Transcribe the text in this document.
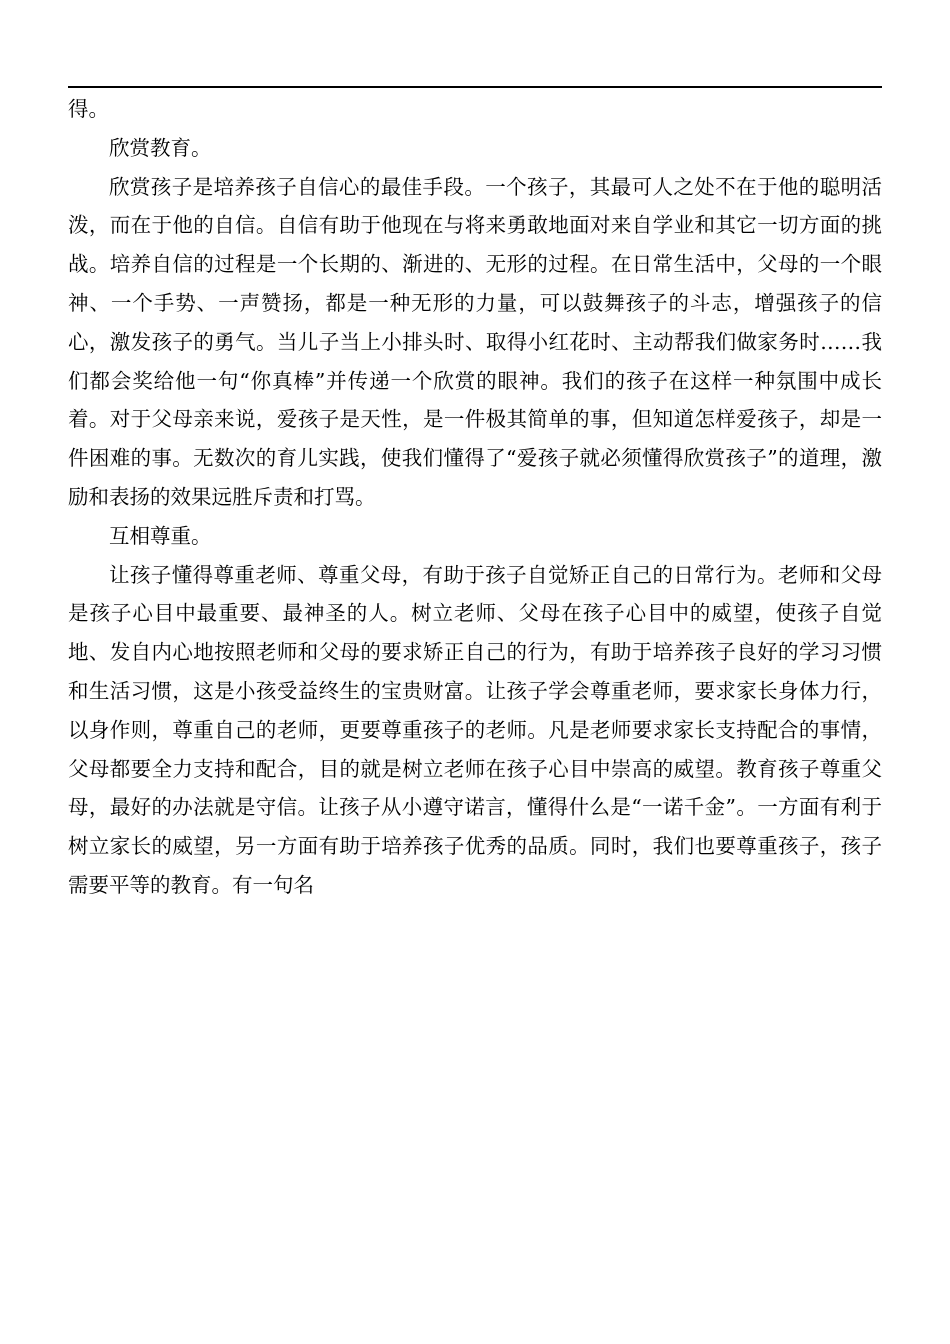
得。

欣赏教育。

欣赏孩子是培养孩子自信心的最佳手段。一个孩子，其最可人之处不在于他的聪明活泼，而在于他的自信。自信有助于他现在与将来勇敢地面对来自学业和其它一切方面的挑战。培养自信的过程是一个长期的、渐进的、无形的过程。在日常生活中，父母的一个眼神、一个手势、一声赞扬，都是一种无形的力量，可以鼓舞孩子的斗志，增强孩子的信心，激发孩子的勇气。当儿子当上小排头时、取得小红花时、主动帮我们做家务时……我们都会奖给他一句“你真棒”并传递一个欣赏的眼神。我们的孩子在这样一种氛围中成长着。对于父母亲来说，爱孩子是天性，是一件极其简单的事，但知道怎样爱孩子，却是一件困难的事。无数次的育儿实践，使我们懂得了“爱孩子就必须懂得欣赏孩子”的道理，激励和表扬的效果远胜斥责和打骂。

互相尊重。

让孩子懂得尊重老师、尊重父母，有助于孩子自觉矫正自己的日常行为。老师和父母是孩子心目中最重要、最神圣的人。树立老师、父母在孩子心目中的威望，使孩子自觉地、发自内心地按照老师和父母的要求矫正自己的行为，有助于培养孩子良好的学习习惯和生活习惯，这是小孩受益终生的宝贵财富。让孩子学会尊重老师，要求家长身体力行，以身作则，尊重自己的老师，更要尊重孩子的老师。凡是老师要求家长支持配合的事情，父母都要全力支持和配合，目的就是树立老师在孩子心目中崇高的威望。教育孩子尊重父母，最好的办法就是守信。让孩子从小遵守诺言，懂得什么是“一诺千金”。一方面有利于树立家长的威望，另一方面有助于培养孩子优秀的品质。同时，我们也要尊重孩子，孩子需要平等的教育。有一句名
